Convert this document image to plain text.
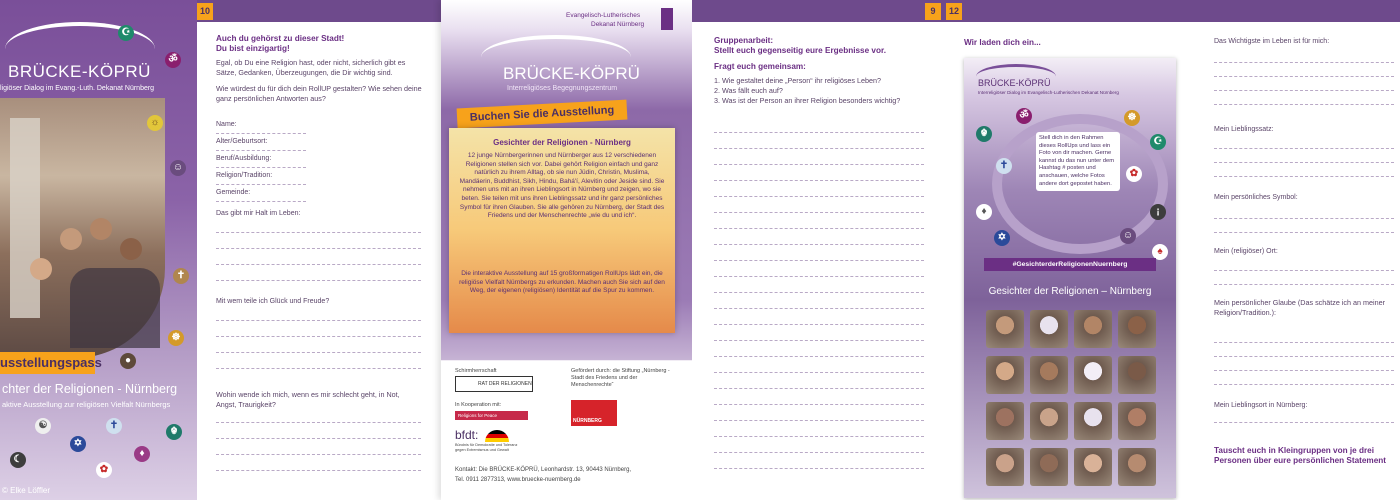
BRÜCKE-KÖPRÜ
ligiöser Dialog im Evang.-Luth. Dekanat Nürnberg
☪
ॐ
☼
☺
✝
☸
●
usstellungspass
chter der Religionen - Nürnberg
aktive Ausstellung zur religiösen Vielfalt Nürnbergs
☯
✡
✝
♦
☬
✿
☾
© Elke Löffler
10

Auch du gehörst zu dieser Stadt!

Du bist einzigartig!

Egal, ob Du eine Religion hast, oder nicht, sicherlich gibt es Sätze, Gedanken, Überzeugungen, die Dir wichtig sind.

Wie würdest du für dich dein RollUP gestalten? Wie sehen deine ganz persönlichen Antworten aus?

Name:
Alter/Geburtsort:
Beruf/Ausbildung:
Religion/Tradition:
Gemeinde:
Das gibt mir Halt im Leben:
Mit wem teile ich Glück und Freude?
Wohin wende ich mich, wenn es mir schlecht geht, in Not, Angst, Traurigkeit?
Evangelisch-Lutherisches
Dekanat Nürnberg
BRÜCKE-KÖPRÜ
Interreligiöses Begegnungszentrum
Buchen Sie die Ausstellung
Gesichter der Religionen - Nürnberg
12 junge Nürnbergerinnen und Nürnberger aus 12 verschiedenen Religionen stellen sich vor. Dabei gehört Religion einfach und ganz natürlich zu ihrem Alltag, ob sie nun Jüdin, Christin, Muslima, Mandäerin, Buddhist, Sikh, Hindu, Bahá'í, Alevitin oder Jeside sind. Sie nehmen uns mit an ihren Lieblingsort in Nürnberg und zeigen, wo sie beten. Sie teilen mit uns ihren Lieblingssatz und ihr ganz persönliches Symbol für ihren Glauben. Sie alle gehören zu Nürnberg, der Stadt des Friedens und der Menschenrechte „wie du und ich“.
Die interaktive Ausstellung auf 15 großformatigen RollUps lädt ein, die religiöse Vielfalt Nürnbergs zu erkunden. Machen auch Sie sich auf den Weg, der eigenen (religiösen) Identität auf die Spur zu kommen.
Schirmherrschaft
RAT DER RELIGIONEN
Gefördert durch: die Stiftung „Nürnberg - Stadt des Friedens und der Menschenrechte“
In Kooperation mit:
Religions for Peace
NÜRNBERG
bfdt:
Bündnis für Demokratie und Toleranz gegen Extremismus und Gewalt
Kontakt: Die BRÜCKE-KÖPRÜ, Leonhardstr. 13, 90443 Nürnberg,
Tel. 0911 2877313, www.bruecke-nuernberg.de
9

Gruppenarbeit:

Stellt euch gegenseitig eure Ergebnisse vor.

Fragt euch gemeinsam:

1. Wie gestaltet deine „Person“ ihr religiöses Leben?

2. Was fällt euch auf?

3. Was ist der Person an ihrer Religion besonders wichtig?

12
Wir laden dich ein...
BRÜCKE-KÖPRÜ
Interreligiöser Dialog im Evangelisch-Lutherischen Dekanat Nürnberg
Stell dich in den Rahmen dieses RollUps und lass ein Foto von dir machen. Gerne kannst du das nun unter dem Hashtag # posten und anschauen, welche Fotos andere dort gepostet haben.
☬
ॐ	☸
☪
✝
✿
♦	¡
✡	☺
♠
#GesichterderReligionenNuernberg
Gesichter der Religionen – Nürnberg
Das Wichtigste im Leben ist für mich:
Mein Lieblingssatz:
Mein persönliches Symbol:
Mein (religiöser) Ort:
Mein persönlicher Glaube (Das schätze ich an meiner Religion/Tradition.):
Mein Lieblingsort in Nürnberg:
Tauscht euch in Kleingruppen von je drei Personen über eure persönlichen Statement
